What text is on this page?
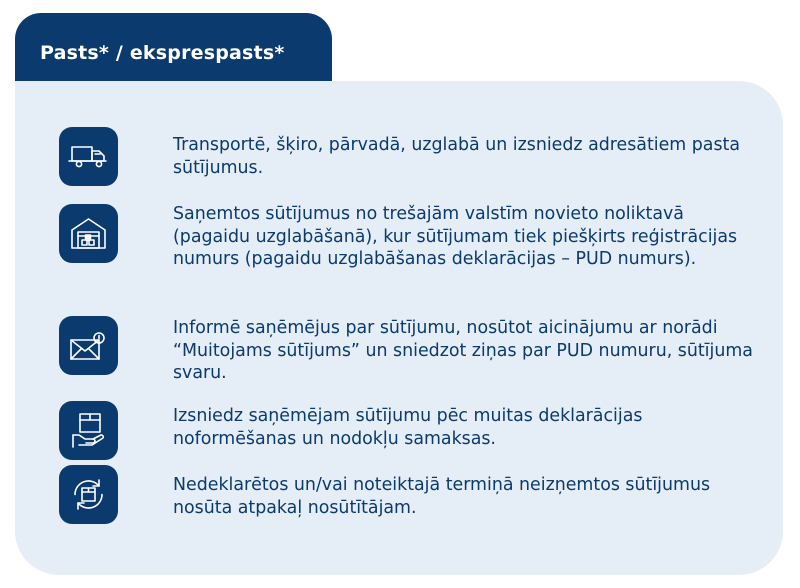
Pasts* / eksprespasts*

Transportē, šķiro, pārvadā, uzglabā un izsniedz adresātiem pasta sūtījumus.

Saņemtos sūtījumus no trešajām valstīm novieto noliktavā (pagaidu uzglabāšanā), kur sūtījumam tiek piešķirts reģistrācijas numurs (pagaidu uzglabāšanas deklarācijas – PUD numurs).

Informē saņēmējus par sūtījumu, nosūtot aicinājumu ar norādi “Muitojams sūtījums” un sniedzot ziņas par PUD numuru, sūtījuma svaru.

Izsniedz saņēmējam sūtījumu pēc muitas deklarācijas noformēšanas un nodokļu samaksas.

Nedeklarētos un/vai noteiktajā termiņā neizņemtos sūtījumus nosūta atpakaļ nosūtītājam.
